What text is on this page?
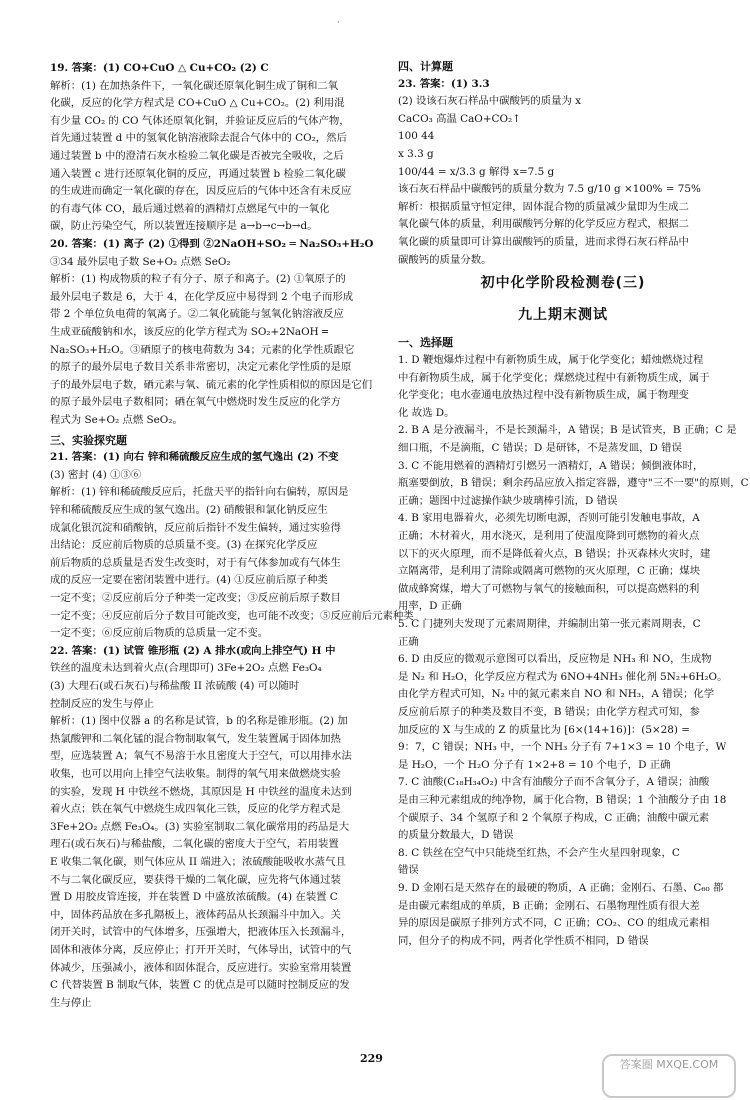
·
19. 答案：(1) CO+CuO △ Cu+CO₂ (2) C
解析：(1) 在加热条件下，一氧化碳还原氧化铜生成了铜和二氧
化碳，反应的化学方程式是 CO+CuO △ Cu+CO₂。(2) 利用混
有少量 CO₂ 的 CO 气体还原氧化铜，并验证反应后的气体产物，
首先通过装置 d 中的氢氧化钠溶液除去混合气体中的 CO₂，然后
通过装置 b 中的澄清石灰水检验二氧化碳是否被完全吸收，之后
通入装置 c 进行还原氧化铜的反应，再通过装置 b 检验二氧化碳
的生成进而确定一氧化碳的存在，因反应后的气体中还含有未反应
的有毒气体 CO，最后通过燃着的酒精灯点燃尾气中的一氧化
碳，防止污染空气，所以装置连接顺序是 a→b→c→b→d。
20. 答案：(1) 离子 (2) ①得到 ②2NaOH+SO₂ ═ Na₂SO₃+H₂O
③34 最外层电子数 Se+O₂ 点燃 SeO₂
解析：(1) 构成物质的粒子有分子、原子和离子。(2) ①氧原子的
最外层电子数是 6，大于 4，在化学反应中易得到 2 个电子而形成
带 2 个单位负电荷的氧离子。②二氧化硫能与氢氧化钠溶液反应
生成亚硫酸钠和水，该反应的化学方程式为 SO₂+2NaOH ═
Na₂SO₃+H₂O。③硒原子的核电荷数为 34；元素的化学性质跟它
的原子的最外层电子数目关系非常密切，决定元素化学性质的是原
子的最外层电子数，硒元素与氧、硫元素的化学性质相似的原因是它们
的原子最外层电子数相同；硒在氧气中燃烧时发生反应的化学方
程式为 Se+O₂ 点燃 SeO₂。
三、实验探究题
21. 答案：(1) 向右 锌和稀硫酸反应生成的氢气逸出 (2) 不变
(3) 密封 (4) ①③⑥
解析：(1) 锌和稀硫酸反应后，托盘天平的指针向右偏转，原因是
锌和稀硫酸反应生成的氢气逸出。(2) 硝酸银和氯化钠反应生
成氯化银沉淀和硝酸钠，反应前后指针不发生偏转，通过实验得
出结论：反应前后物质的总质量不变。(3) 在探究化学反应
前后物质的总质量是否发生改变时，对于有气体参加或有气体生
成的反应一定要在密闭装置中进行。(4) ①反应前后原子种类
一定不变；②反应前后分子种类一定改变；③反应前后原子数目
一定不变；④反应前后分子数目可能改变，也可能不改变；⑤反应前后元素种类
一定不变；⑥反应前后物质的总质量一定不变。
22. 答案：(1) 试管 锥形瓶 (2) A 排水(或向上排空气) H 中
铁丝的温度未达到着火点(合理即可) 3Fe+2O₂ 点燃 Fe₃O₄
(3) 大理石(或石灰石)与稀盐酸 ⅠⅠ 浓硫酸 (4) 可以随时
控制反应的发生与停止
解析：(1) 图中仪器 a 的名称是试管，b 的名称是锥形瓶。(2) 加
热氯酸钾和二氧化锰的混合物制取氧气，发生装置属于固体加热
型，应选装置 A；氧气不易溶于水且密度大于空气，可以用排水法
收集，也可以用向上排空气法收集。制得的氧气用来做燃烧实验
的实验，发现 H 中铁丝不燃烧，其原因是 H 中铁丝的温度未达到
着火点；铁在氧气中燃烧生成四氧化三铁，反应的化学方程式是
3Fe+2O₂ 点燃 Fe₃O₄。(3) 实验室制取二氧化碳常用的药品是大
理石(或石灰石)与稀盐酸，二氧化碳的密度大于空气，若用装置
E 收集二氧化碳，则气体应从 ⅠⅠ 端进入；浓硫酸能吸收水蒸气且
不与二氧化碳反应，要获得干燥的二氧化碳，应先将气体通过装
置 D 用胶皮管连接，并在装置 D 中盛放浓硫酸。(4) 在装置 C
中，固体药品放在多孔隔板上，液体药品从长颈漏斗中加入。关
闭开关时，试管中的气体增多，压强增大，把液体压入长颈漏斗，
固体和液体分离，反应停止；打开开关时，气体导出，试管中的气
体减少，压强减小，液体和固体混合，反应进行。实验室常用装置
C 代替装置 B 制取气体，装置 C 的优点是可以随时控制反应的发
生与停止
四、计算题
23. 答案：(1) 3.3
(2) 设该石灰石样品中碳酸钙的质量为 x
CaCO₃ 高温 CaO+CO₂↑
100 44
x 3.3 g
100/44 = x/3.3 g 解得 x=7.5 g
该石灰石样品中碳酸钙的质量分数为 7.5 g/10 g ×100% = 75%
解析：根据质量守恒定律，固体混合物的质量减少量即为生成二
氧化碳气体的质量，利用碳酸钙分解的化学反应方程式，根据二
氧化碳的质量即可计算出碳酸钙的质量，进而求得石灰石样品中
碳酸钙的质量分数。
初中化学阶段检测卷(三)
九上期末测试
一、选择题
1. D 鞭炮爆炸过程中有新物质生成，属于化学变化；蜡烛燃烧过程
中有新物质生成，属于化学变化；煤燃烧过程中有新物质生成，属于
化学变化；电水壶通电放热过程中没有新物质生成，属于物理变
化 故选 D。
2. B A 是分液漏斗，不是长颈漏斗，A 错误；B 是试管夹，B 正确；C 是
细口瓶，不是滴瓶，C 错误；D 是研钵，不是蒸发皿，D 错误
3. C 不能用燃着的酒精灯引燃另一酒精灯，A 错误；倾倒液体时，
瓶塞要倒放，B 错误；剩余药品应放入指定容器，遵守"三不一要"的原则，C
正确；题图中过滤操作缺少玻璃棒引流，D 错误
4. B 家用电器着火，必须先切断电源，否则可能引发触电事故，A
正确；木材着火，用水浇灭，是利用了使温度降到可燃物的着火点
以下的灭火原理，而不是降低着火点，B 错误；扑灭森林火灾时，建
立隔离带，是利用了清除或隔离可燃物的灭火原理，C 正确；煤块
做成蜂窝煤，增大了可燃物与氧气的接触面积，可以提高燃料的利
用率，D 正确
5. C 门捷列夫发现了元素周期律，并编制出第一张元素周期表，C
正确
6. D 由反应的微观示意图可以看出，反应物是 NH₃ 和 NO，生成物
是 N₂ 和 H₂O，化学反应方程式为 6NO+4NH₃ 催化剂 5N₂+6H₂O。
由化学方程式可知，N₂ 中的氮元素来自 NO 和 NH₃，A 错误；化学
反应前后原子的种类及数目不变，B 错误；由化学方程式可知，参
加反应的 X 与生成的 Z 的质量比为 [6×(14+16)]：(5×28) =
9：7，C 错误；NH₃ 中，一个 NH₃ 分子有 7+1×3 = 10 个电子，W
是 H₂O，一个 H₂O 分子有 1×2+8 = 10 个电子，D 正确
7. C 油酸(C₁₈H₃₄O₂) 中含有油酸分子而不含氧分子，A 错误；油酸
是由三种元素组成的纯净物，属于化合物，B 错误；1 个油酸分子由 18
个碳原子、34 个氢原子和 2 个氧原子构成，C 正确；油酸中碳元素
的质量分数最大，D 错误
8. C 铁丝在空气中只能烧至红热，不会产生火星四射现象，C
错误
9. D 金刚石是天然存在的最硬的物质，A 正确；金刚石、石墨、C₆₀ 都
是由碳元素组成的单质，B 正确；金刚石、石墨物理性质有很大差
异的原因是碳原子排列方式不同，C 正确；CO₂、CO 的组成元素相
同，但分子的构成不同，两者化学性质不相同，D 错误
229	答案圈 MXQE.COM
